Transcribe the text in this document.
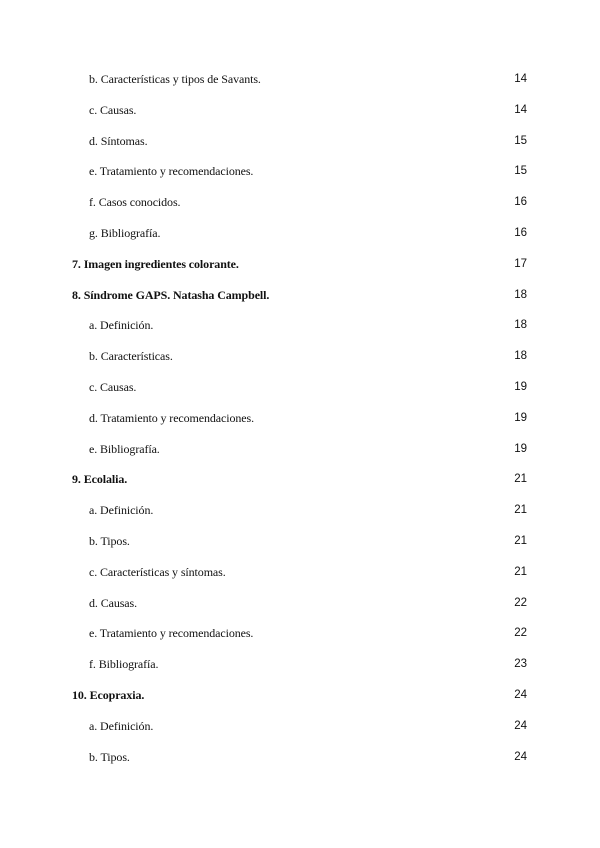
b. Características y tipos de Savants.	14
c. Causas.	14
d. Síntomas.	15
e. Tratamiento y recomendaciones.	15
f. Casos conocidos.	16
g. Bibliografía.	16
7. Imagen ingredientes colorante.	17
8. Síndrome GAPS. Natasha Campbell.	18
a. Definición.	18
b. Características.	18
c. Causas.	19
d. Tratamiento y recomendaciones.	19
e. Bibliografía.	19
9. Ecolalia.	21
a. Definición.	21
b. Tipos.	21
c. Características y síntomas.	21
d. Causas.	22
e. Tratamiento y recomendaciones.	22
f. Bibliografía.	23
10. Ecopraxia.	24
a. Definición.	24
b. Tipos.	24
